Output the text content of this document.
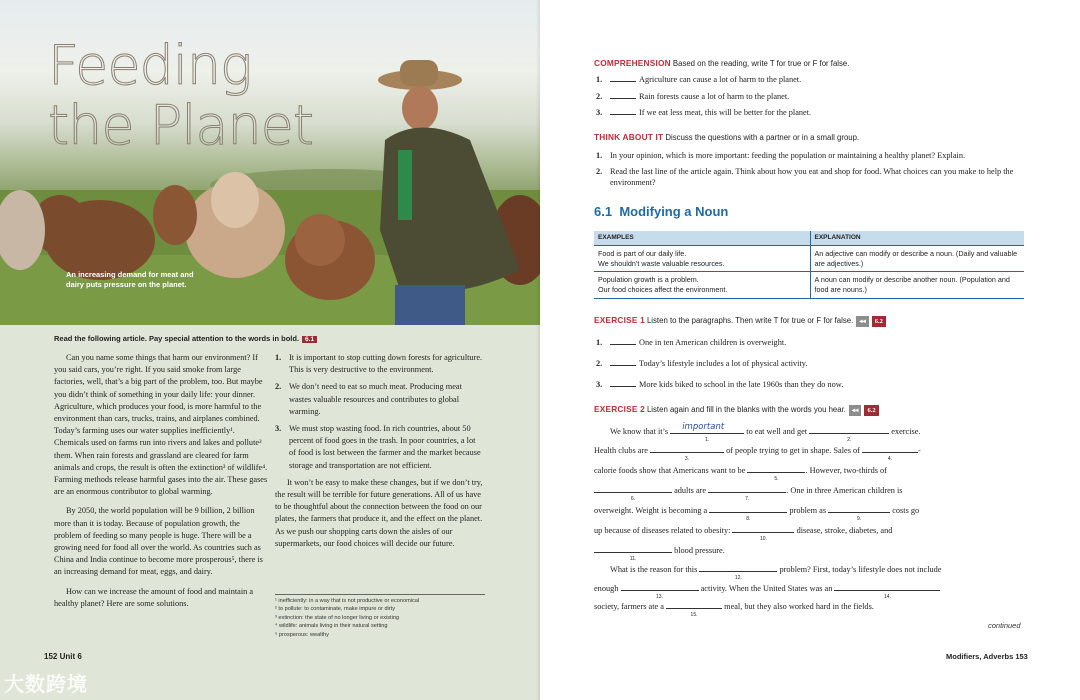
Feeding
the Planet
An increasing demand for meat and dairy puts pressure on the planet.
Read the following article. Pay special attention to the words in bold. 6.1

Can you name some things that harm our environment? If you said cars, you’re right. If you said smoke from large factories, well, that’s a big part of the problem, too. But maybe you didn’t think of something in your daily life: your dinner. Agriculture, which produces your food, is more harmful to the environment than cars, trucks, trains, and airplanes combined. Today’s farming uses our water supplies inefficiently¹. Chemicals used on farms run into rivers and lakes and pollute² them. When rain forests and grassland are cleared for farm animals and crops, the result is often the extinction³ of wildlife⁴. Farming methods release harmful gases into the air. These gases are an enormous contributor to global warming.

By 2050, the world population will be 9 billion, 2 billion more than it is today. Because of population growth, the problem of feeding so many people is huge. There will be a growing need for food all over the world. As countries such as China and India continue to become more prosperous⁵, there is an increasing demand for meat, eggs, and dairy.

How can we increase the amount of food and maintain a healthy planet? Here are some solutions.

1. It is important to stop cutting down forests for agriculture. This is very destructive to the environment.
2. We don’t need to eat so much meat. Producing meat wastes valuable resources and contributes to global warming.
3. We must stop wasting food. In rich countries, about 50 percent of food goes in the trash. In poor countries, a lot of food is lost between the farmer and the market because storage and transportation are not efficient.

It won’t be easy to make these changes, but if we don’t try, the result will be terrible for future generations. All of us have to be thoughtful about the connection between the food on our plates, the farmers that produce it, and the effect on the planet. As we push our shopping carts down the aisles of our supermarkets, our food choices will decide our future.

¹ inefficiently: in a way that is not productive or economical
² to pollute: to contaminate, make impure or dirty
³ extinction: the state of no longer living or existing
⁴ wildlife: animals living in their natural setting
⁵ prosperous: wealthy
152 Unit 6
大数跨境
COMPREHENSION Based on the reading, write T for true or F for false.
1.	Agriculture can cause a lot of harm to the planet.
2.	Rain forests cause a lot of harm to the planet.
3.	If we eat less meat, this will be better for the planet.
THINK ABOUT IT Discuss the questions with a partner or in a small group.
1. In your opinion, which is more important: feeding the population or maintaining a healthy planet? Explain.
2. Read the last line of the article again. Think about how you eat and shop for food. What choices can you make to help the environment?
6.1 Modifying a Noun
EXAMPLES	EXPLANATION
Food is part of our daily life.
We shouldn’t waste valuable resources.	An adjective can modify or describe a noun. (Daily and valuable are adjectives.)
Population growth is a problem.
Our food choices affect the environment.	A noun can modify or describe another noun. (Population and food are nouns.)
EXERCISE 1 Listen to the paragraphs. Then write T for true or F for false. ◂◂ 6.2
1.	One in ten American children is overweight.
2.	Today’s lifestyle includes a lot of physical activity.
3.	More kids biked to school in the late 1960s than they do now.
EXERCISE 2 Listen again and fill in the blanks with the words you hear. ◂◂ 6.2
We know that it’s important
1.
to eat well and get
2.
exercise.
Health clubs are
3.
of people trying to get in shape. Sales of
4.
-
calorie foods show that Americans want to be
5.
. However, two-thirds of
6.
adults are
7.
. One in three American children is
overweight. Weight is becoming a
8.
problem as
9.
costs go
up because of diseases related to obesity:
10.
disease, stroke, diabetes, and
11.
blood pressure.
What is the reason for this
12.
problem? First, today’s lifestyle does not include
enough
13.
activity. When the United States was an
14.
society, farmers ate a
15.
meal, but they also worked hard in the fields.
continued
Modifiers, Adverbs 153
